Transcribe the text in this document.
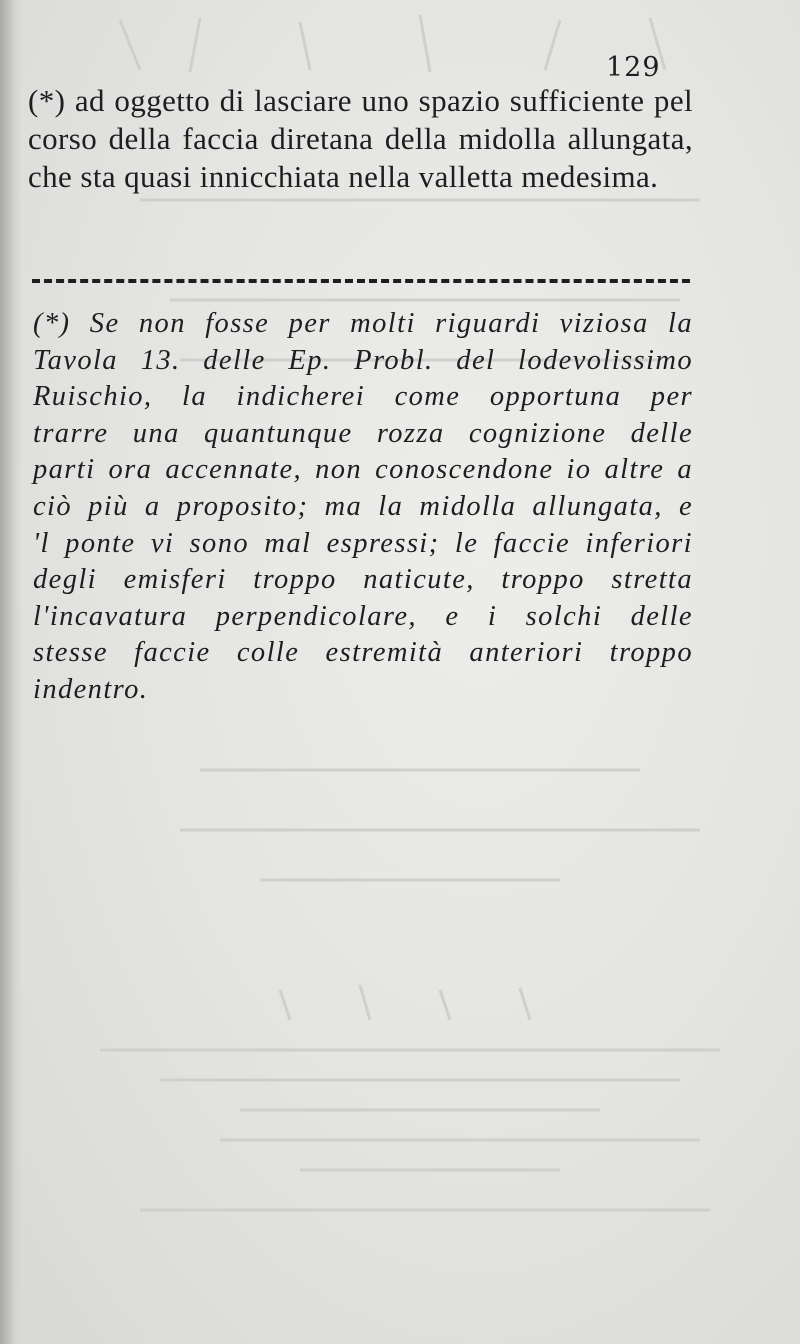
129

(*) ad oggetto di lasciare uno spazio sufficiente pel corso della faccia diretana della midolla allungata, che sta quasi innicchiata nella valletta medesima.

(*) Se non fosse per molti riguardi viziosa la Tavola 13. delle Ep. Probl. del lodevolissimo Ruischio, la indicherei come opportuna per trarre una quantunque rozza cognizione delle parti ora accennate, non conoscendone io altre a ciò più a proposito; ma la midolla allungata, e 'l ponte vi sono mal espressi; le faccie inferiori degli emisferi troppo naticute, troppo stretta l'incavatura perpendicolare, e i solchi delle stesse faccie colle estremità anteriori troppo indentro.
